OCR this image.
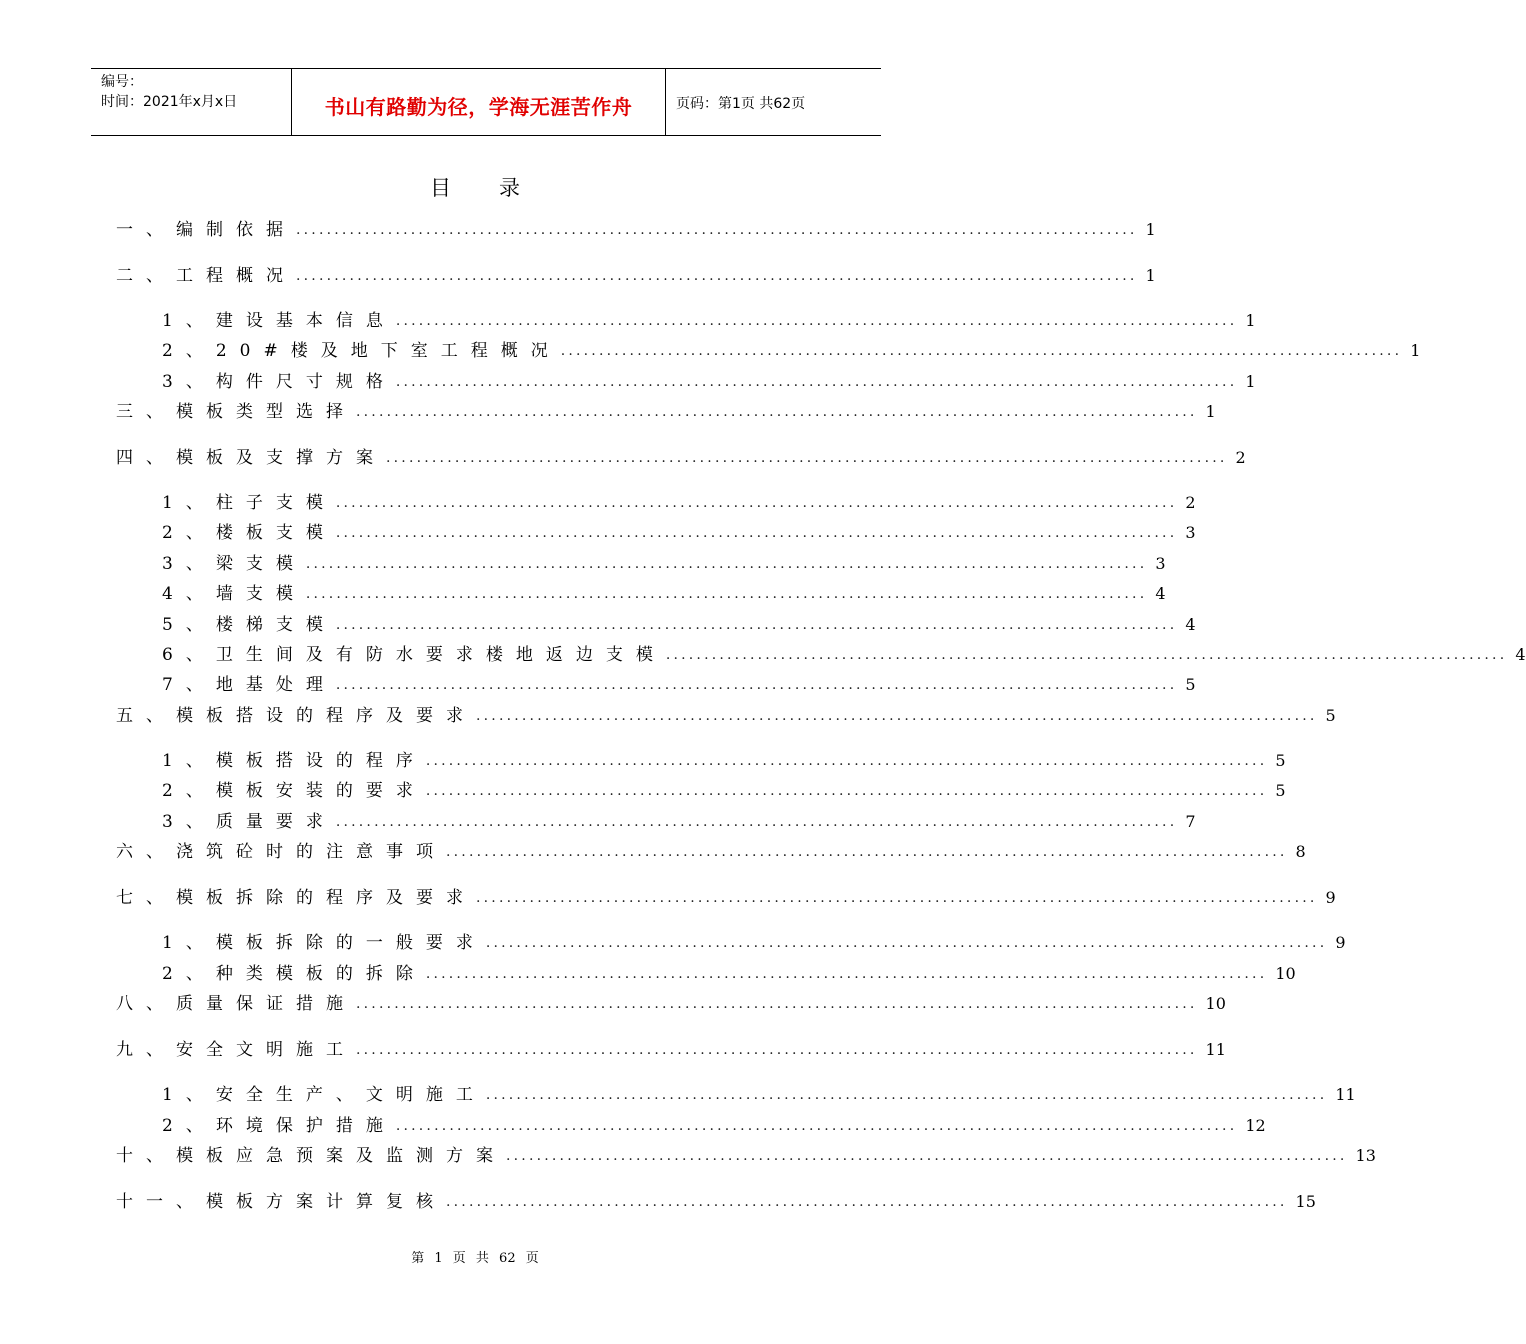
编号：
时间：2021年x月x日	书山有路勤为径，学海无涯苦作舟	页码：第1页 共62页
目录
一、编制依据 .............................................................................................................. 1
二、工程概况 .............................................................................................................. 1
1、建设基本信息 .............................................................................................................. 1
2、20#楼及地下室工程概况 .............................................................................................................. 1
3、构件尺寸规格 .............................................................................................................. 1
三、模板类型选择 .............................................................................................................. 1
四、模板及支撑方案 .............................................................................................................. 2
1、柱子支模 .............................................................................................................. 2
2、楼板支模 .............................................................................................................. 3
3、梁支模 .............................................................................................................. 3
4、墙支模 .............................................................................................................. 4
5、楼梯支模 .............................................................................................................. 4
6、卫生间及有防水要求楼地返边支模 .............................................................................................................. 4
7、地基处理 .............................................................................................................. 5
五、模板搭设的程序及要求 .............................................................................................................. 5
1、模板搭设的程序 .............................................................................................................. 5
2、模板安装的要求 .............................................................................................................. 5
3、质量要求 .............................................................................................................. 7
六、浇筑砼时的注意事项 .............................................................................................................. 8
七、模板拆除的程序及要求 .............................................................................................................. 9
1、模板拆除的一般要求 .............................................................................................................. 9
2、种类模板的拆除 .............................................................................................................. 10
八、质量保证措施 .............................................................................................................. 10
九、安全文明施工 .............................................................................................................. 11
1、安全生产、文明施工 .............................................................................................................. 11
2、环境保护措施 .............................................................................................................. 12
十、模板应急预案及监测方案 .............................................................................................................. 13
十一、模板方案计算复核 .............................................................................................................. 15
第 1 页 共 62 页
